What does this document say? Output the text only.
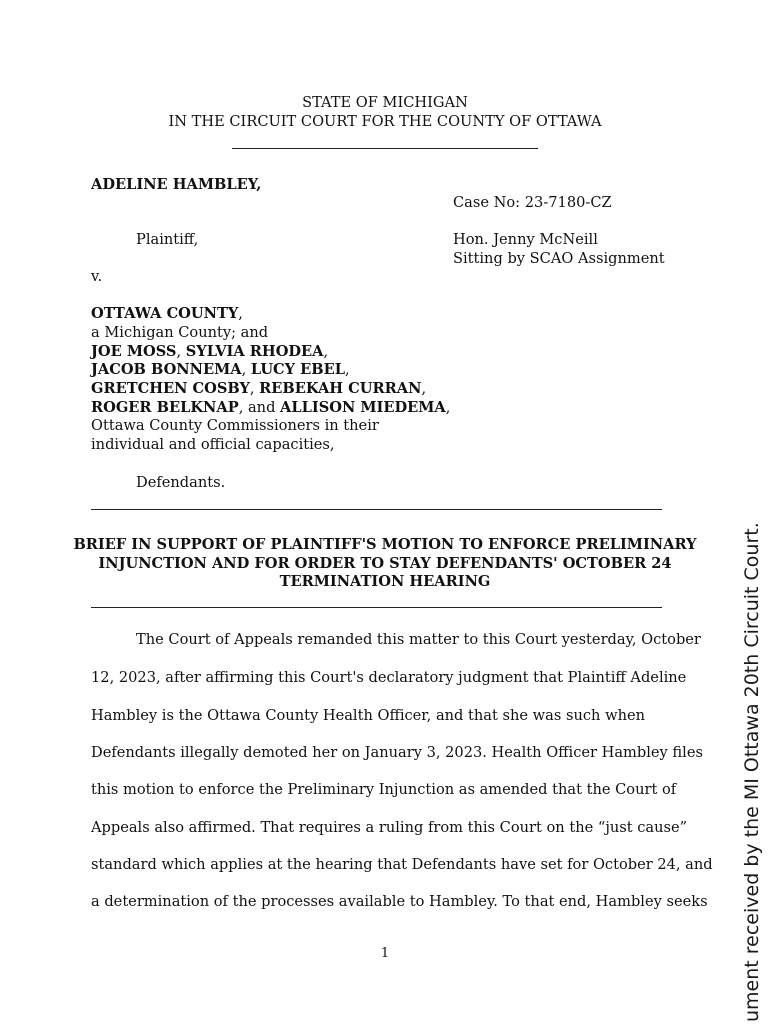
STATE OF MICHIGAN
IN THE CIRCUIT COURT FOR THE COUNTY OF OTTAWA
ADELINE HAMBLEY,
Plaintiff,
v.
OTTAWA COUNTY,
a Michigan County; and
JOE MOSS, SYLVIA RHODEA,
JACOB BONNEMA, LUCY EBEL,
GRETCHEN COSBY, REBEKAH CURRAN,
ROGER BELKNAP, and ALLISON MIEDEMA,
Ottawa County Commissioners in their
individual and official capacities,
Defendants.
Case No: 23-7180-CZ
Hon. Jenny McNeill
Sitting by SCAO Assignment
BRIEF IN SUPPORT OF PLAINTIFF'S MOTION TO ENFORCE PRELIMINARY
INJUNCTION AND FOR ORDER TO STAY DEFENDANTS' OCTOBER 24
TERMINATION HEARING
The Court of Appeals remanded this matter to this Court yesterday, October
12, 2023, after affirming this Court's declaratory judgment that Plaintiff Adeline
Hambley is the Ottawa County Health Officer, and that she was such when
Defendants illegally demoted her on January 3, 2023. Health Officer Hambley files
this motion to enforce the Preliminary Injunction as amended that the Court of
Appeals also affirmed. That requires a ruling from this Court on the “just cause”
standard which applies at the hearing that Defendants have set for October 24, and
a determination of the processes available to Hambley. To that end, Hambley seeks
1	ument received by the MI Ottawa 20th Circuit Court.
